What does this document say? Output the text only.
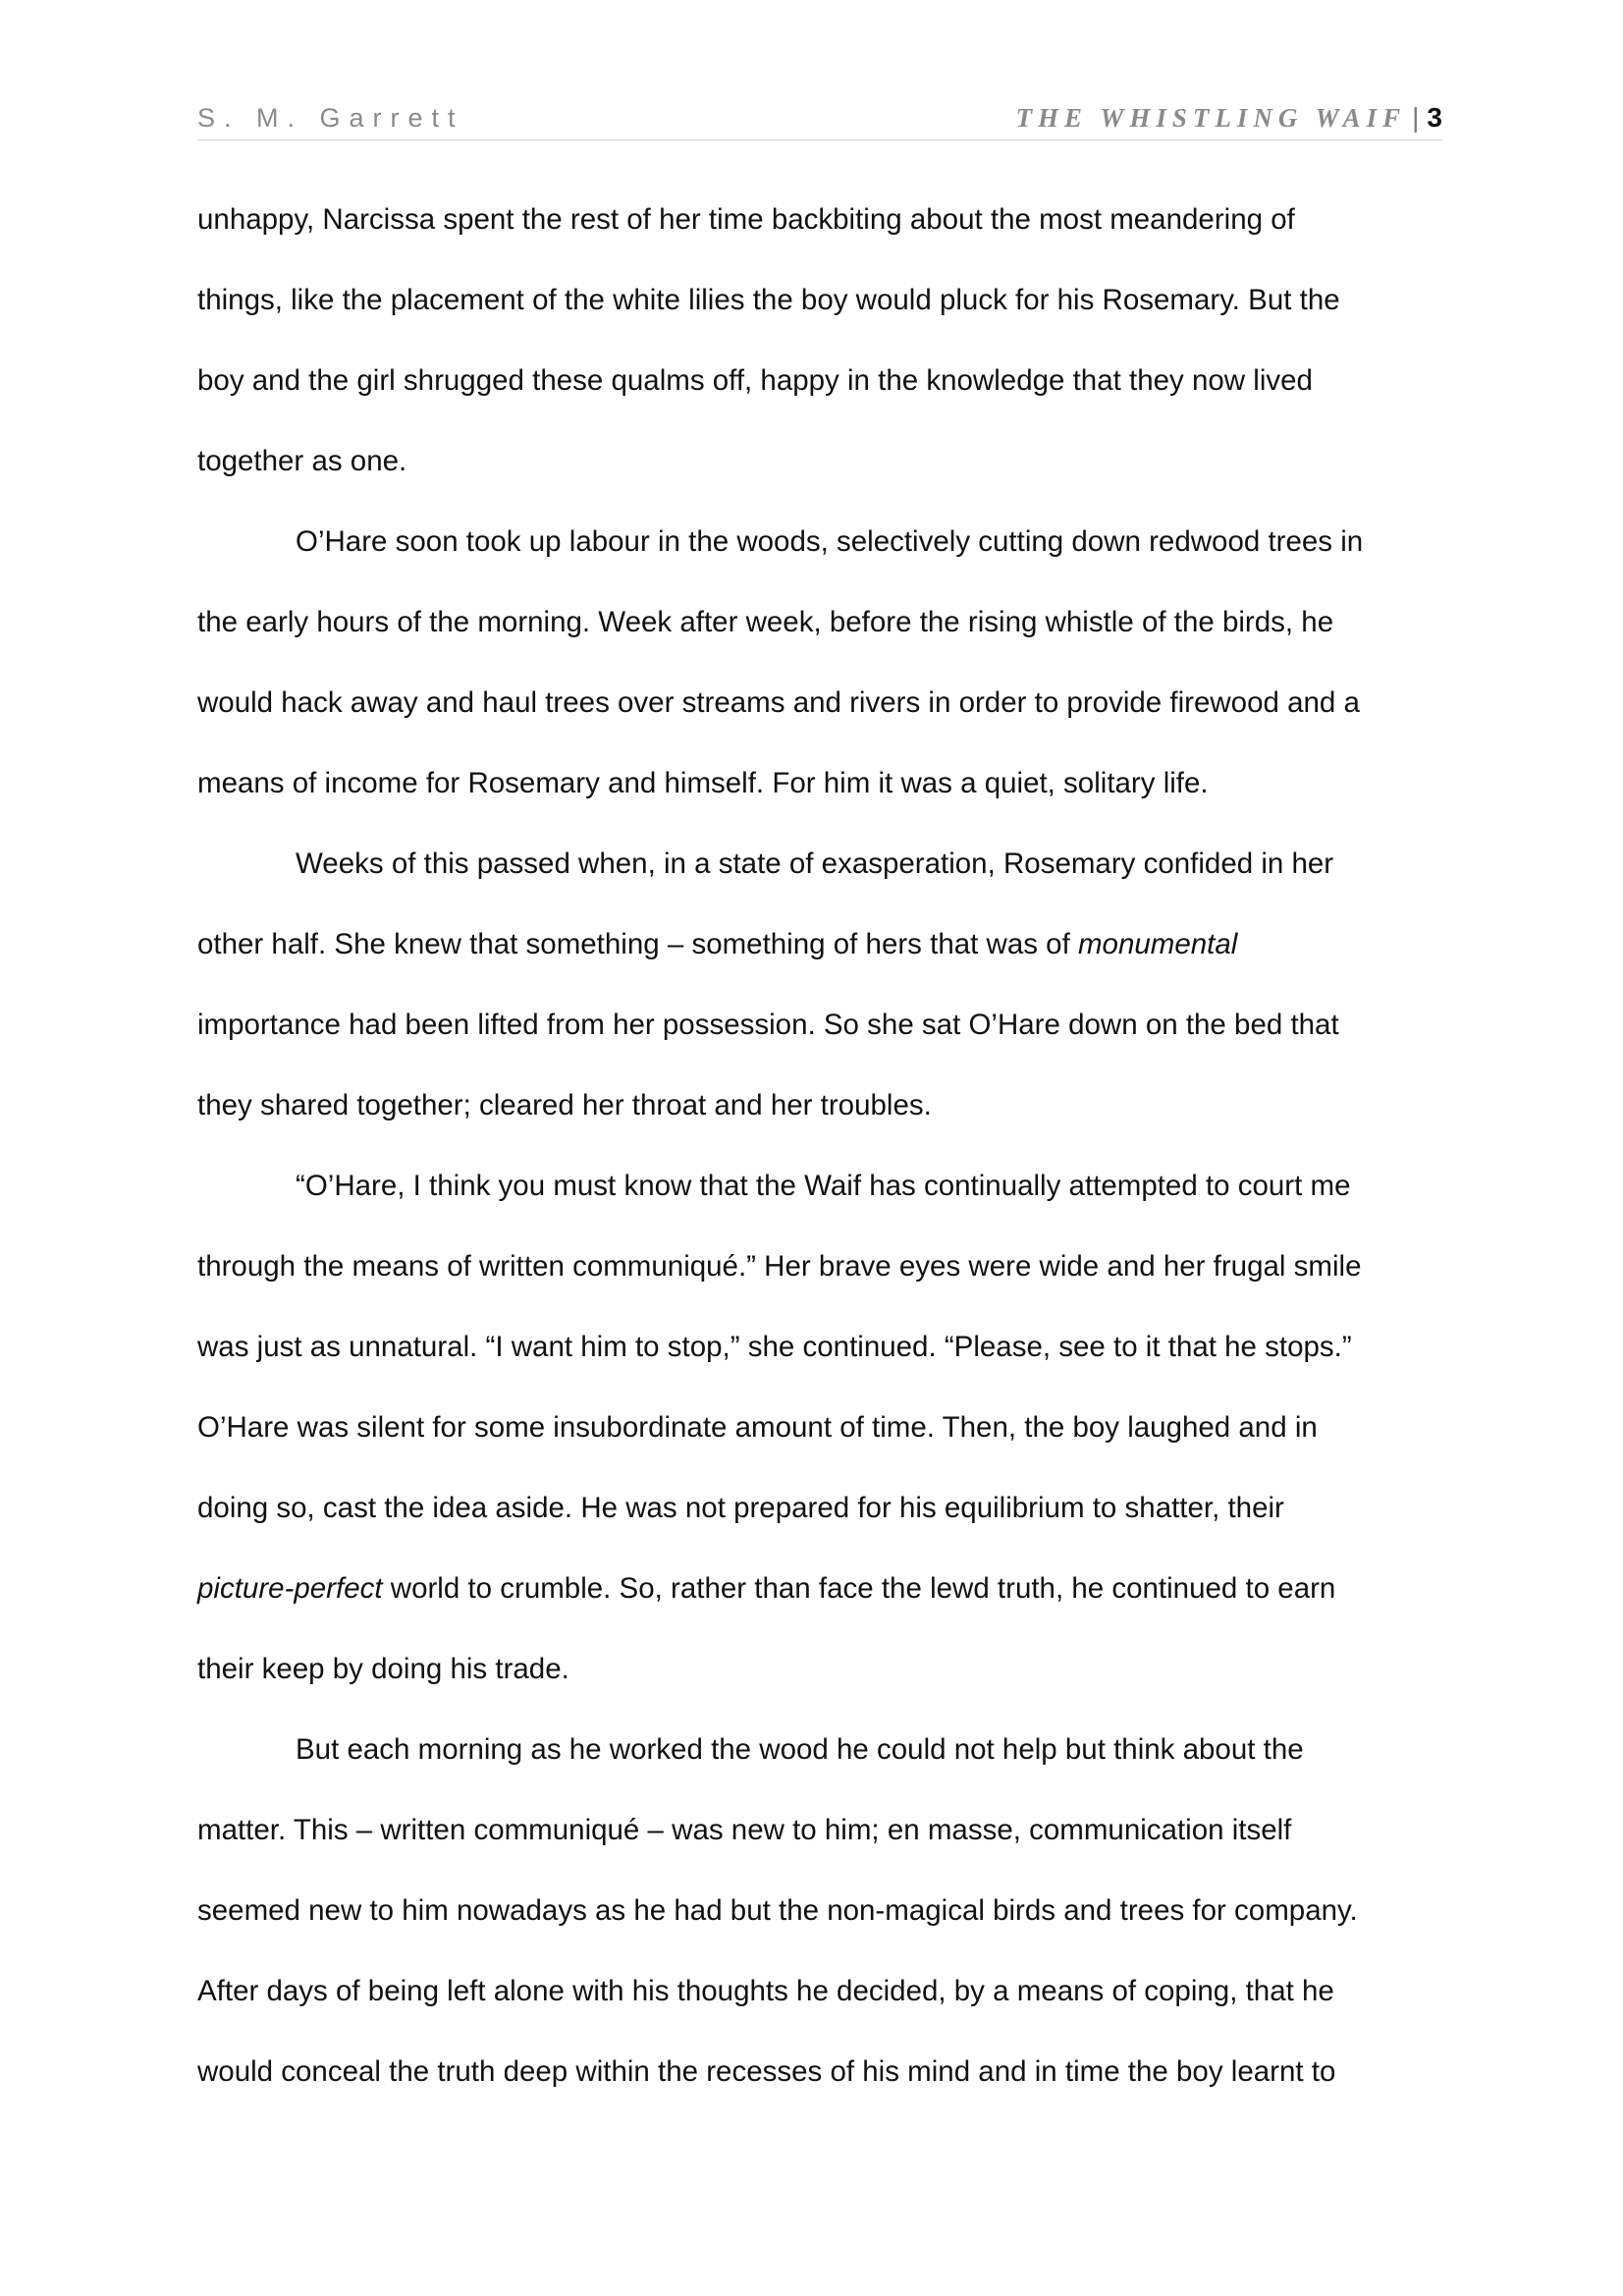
S. M. Garrett	THE WHISTLING WAIF | 3
unhappy, Narcissa spent the rest of her time backbiting about the most meandering of
things, like the placement of the white lilies the boy would pluck for his Rosemary. But the
boy and the girl shrugged these qualms off, happy in the knowledge that they now lived
together as one.
O’Hare soon took up labour in the woods, selectively cutting down redwood trees in
the early hours of the morning. Week after week, before the rising whistle of the birds, he
would hack away and haul trees over streams and rivers in order to provide firewood and a
means of income for Rosemary and himself. For him it was a quiet, solitary life.
Weeks of this passed when, in a state of exasperation, Rosemary confided in her
other half. She knew that something – something of hers that was of monumental
importance had been lifted from her possession. So she sat O’Hare down on the bed that
they shared together; cleared her throat and her troubles.
“O’Hare, I think you must know that the Waif has continually attempted to court me
through the means of written communiqué.” Her brave eyes were wide and her frugal smile
was just as unnatural. “I want him to stop,” she continued. “Please, see to it that he stops.”
O’Hare was silent for some insubordinate amount of time. Then, the boy laughed and in
doing so, cast the idea aside. He was not prepared for his equilibrium to shatter, their
picture-perfect world to crumble. So, rather than face the lewd truth, he continued to earn
their keep by doing his trade.
But each morning as he worked the wood he could not help but think about the
matter. This – written communiqué – was new to him; en masse, communication itself
seemed new to him nowadays as he had but the non-magical birds and trees for company.
After days of being left alone with his thoughts he decided, by a means of coping, that he
would conceal the truth deep within the recesses of his mind and in time the boy learnt to
